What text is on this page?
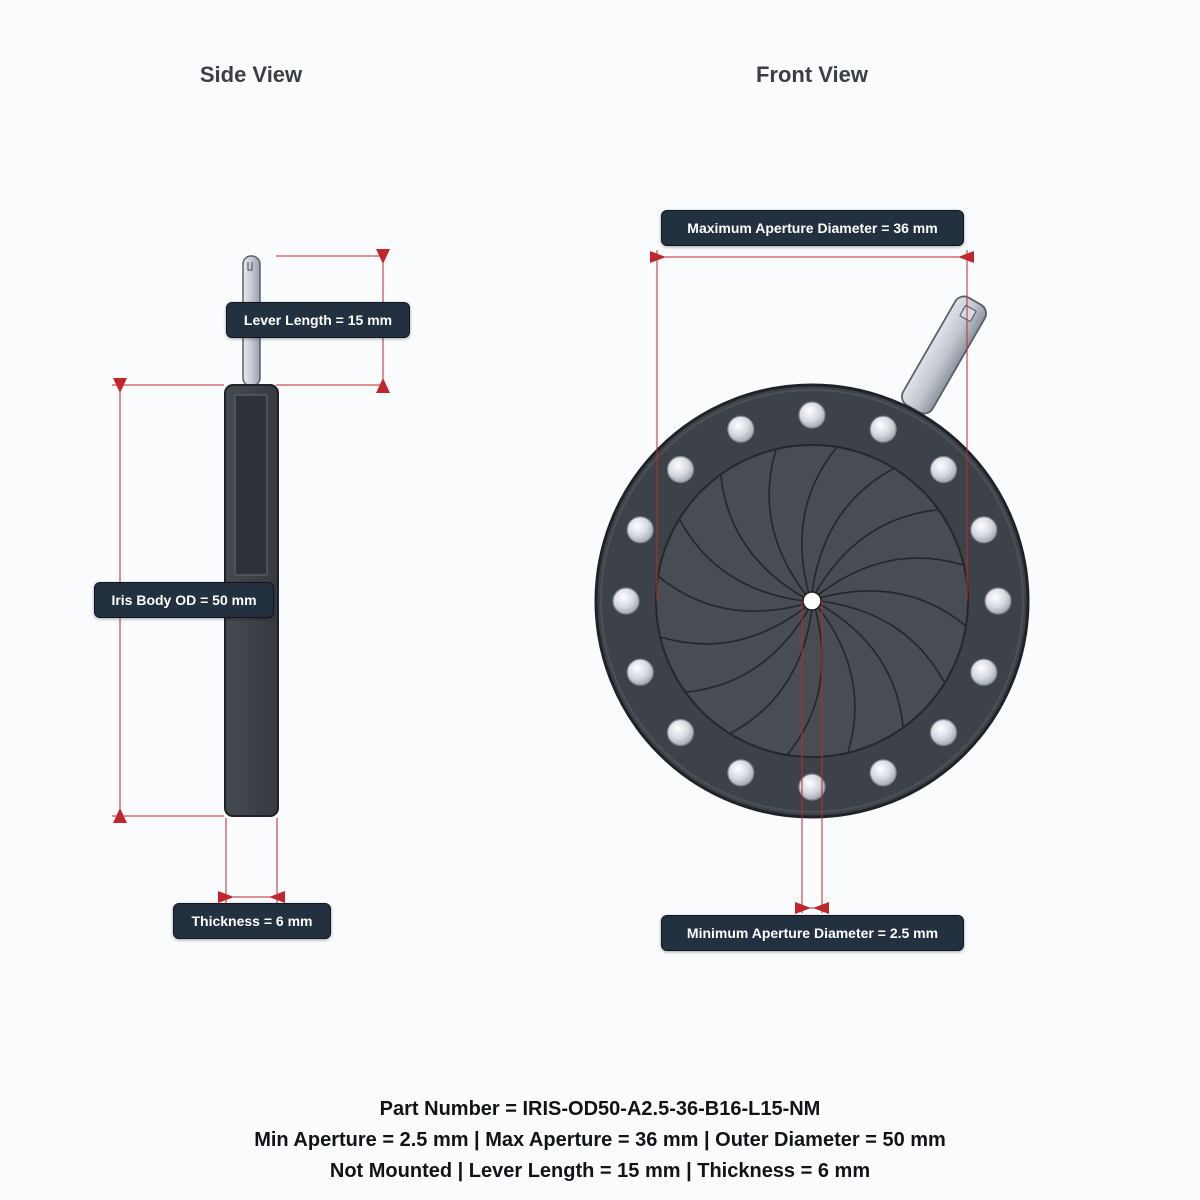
Side View	Front View
Lever Length = 15 mm
Iris Body OD = 50 mm
Thickness = 6 mm
Maximum Aperture Diameter = 36 mm
Minimum Aperture Diameter = 2.5 mm
Part Number = IRIS-OD50-A2.5-36-B16-L15-NM
Min Aperture = 2.5 mm | Max Aperture = 36 mm | Outer Diameter = 50 mm
Not Mounted | Lever Length = 15 mm | Thickness = 6 mm
